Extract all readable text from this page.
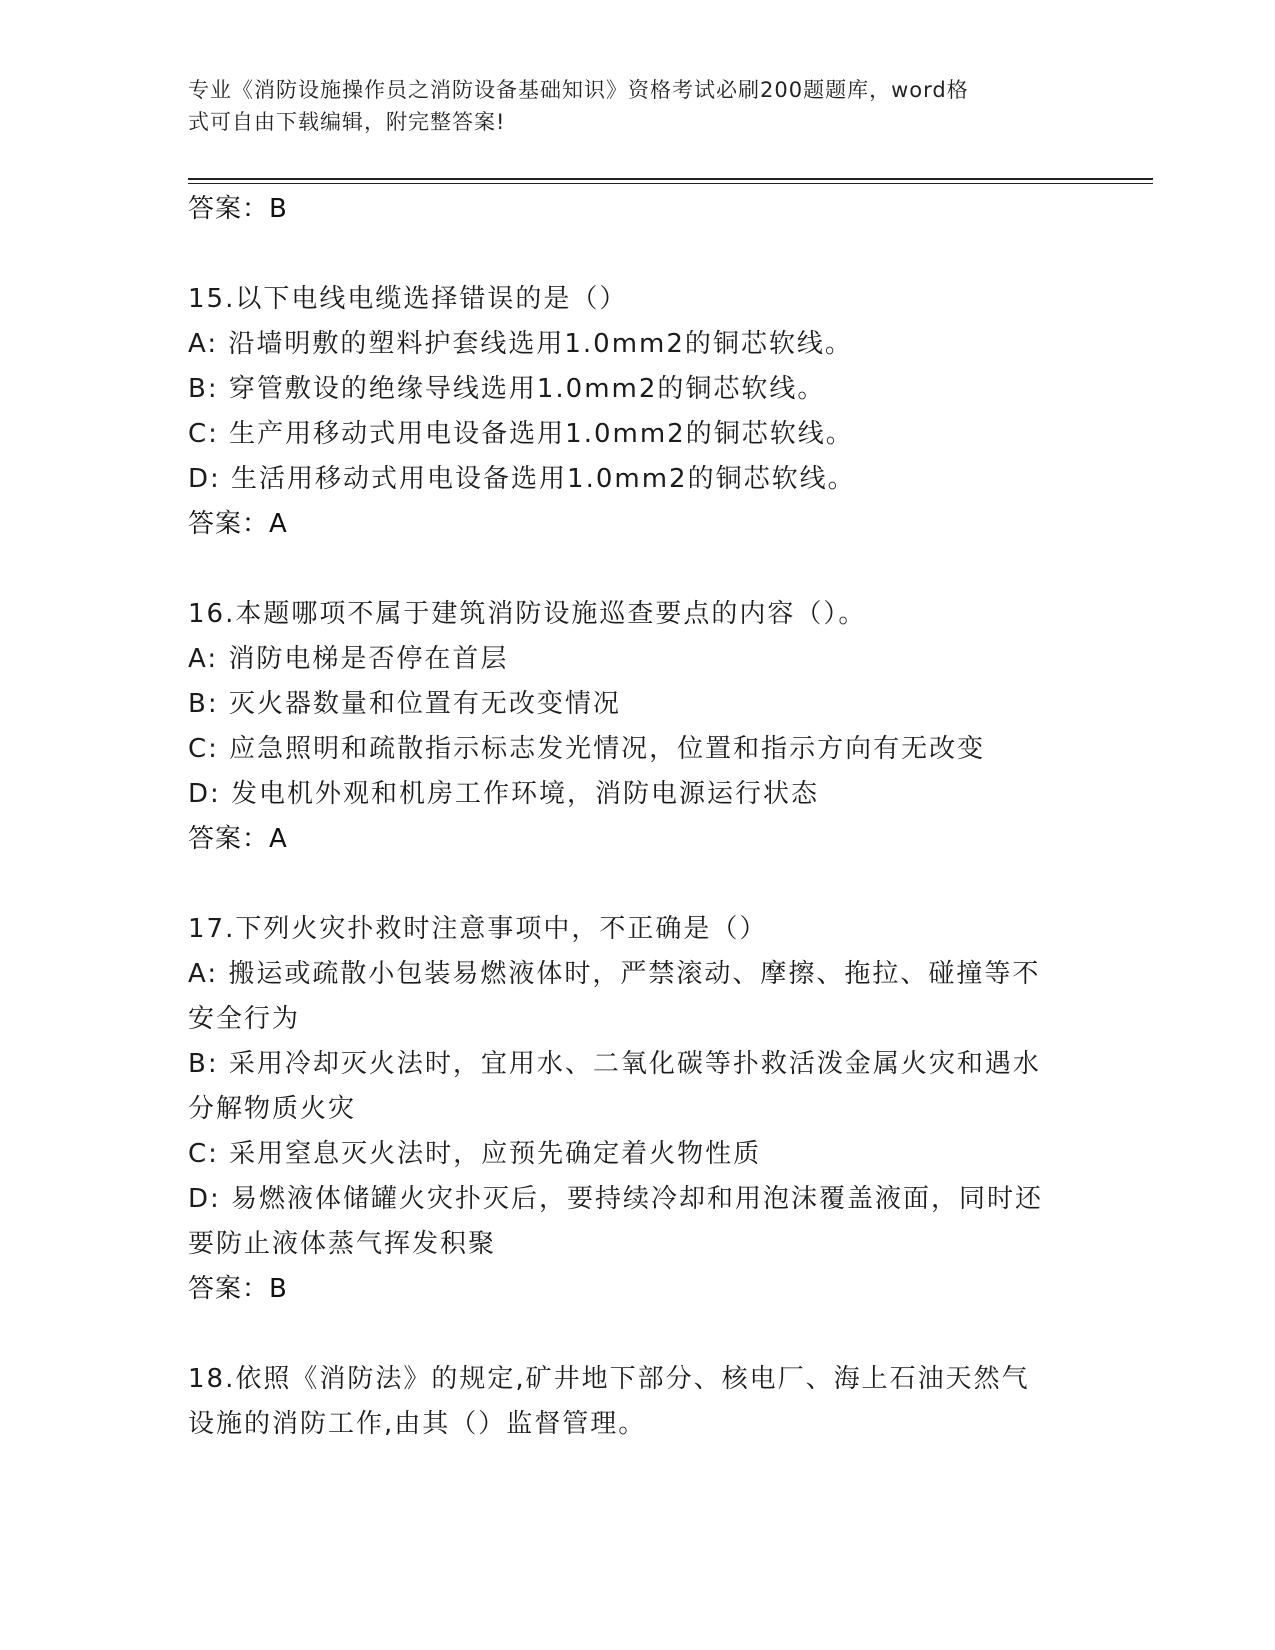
专业《消防设施操作员之消防设备基础知识》资格考试必刷200题题库，word格
式可自由下载编辑，附完整答案!
答案：B
15.以下电线电缆选择错误的是（）
A: 沿墙明敷的塑料护套线选用1.0mm2的铜芯软线。
B: 穿管敷设的绝缘导线选用1.0mm2的铜芯软线。
C: 生产用移动式用电设备选用1.0mm2的铜芯软线。
D: 生活用移动式用电设备选用1.0mm2的铜芯软线。
答案：A
16.本题哪项不属于建筑消防设施巡查要点的内容（）。
A: 消防电梯是否停在首层
B: 灭火器数量和位置有无改变情况
C: 应急照明和疏散指示标志发光情况，位置和指示方向有无改变
D: 发电机外观和机房工作环境，消防电源运行状态
答案：A
17.下列火灾扑救时注意事项中，不正确是（）
A: 搬运或疏散小包装易燃液体时，严禁滚动、摩擦、拖拉、碰撞等不
安全行为
B: 采用冷却灭火法时，宜用水、二氧化碳等扑救活泼金属火灾和遇水
分解物质火灾
C: 采用窒息灭火法时，应预先确定着火物性质
D: 易燃液体储罐火灾扑灭后，要持续冷却和用泡沫覆盖液面，同时还
要防止液体蒸气挥发积聚
答案：B
18.依照《消防法》的规定,矿井地下部分、核电厂、海上石油天然气
设施的消防工作,由其（）监督管理。
